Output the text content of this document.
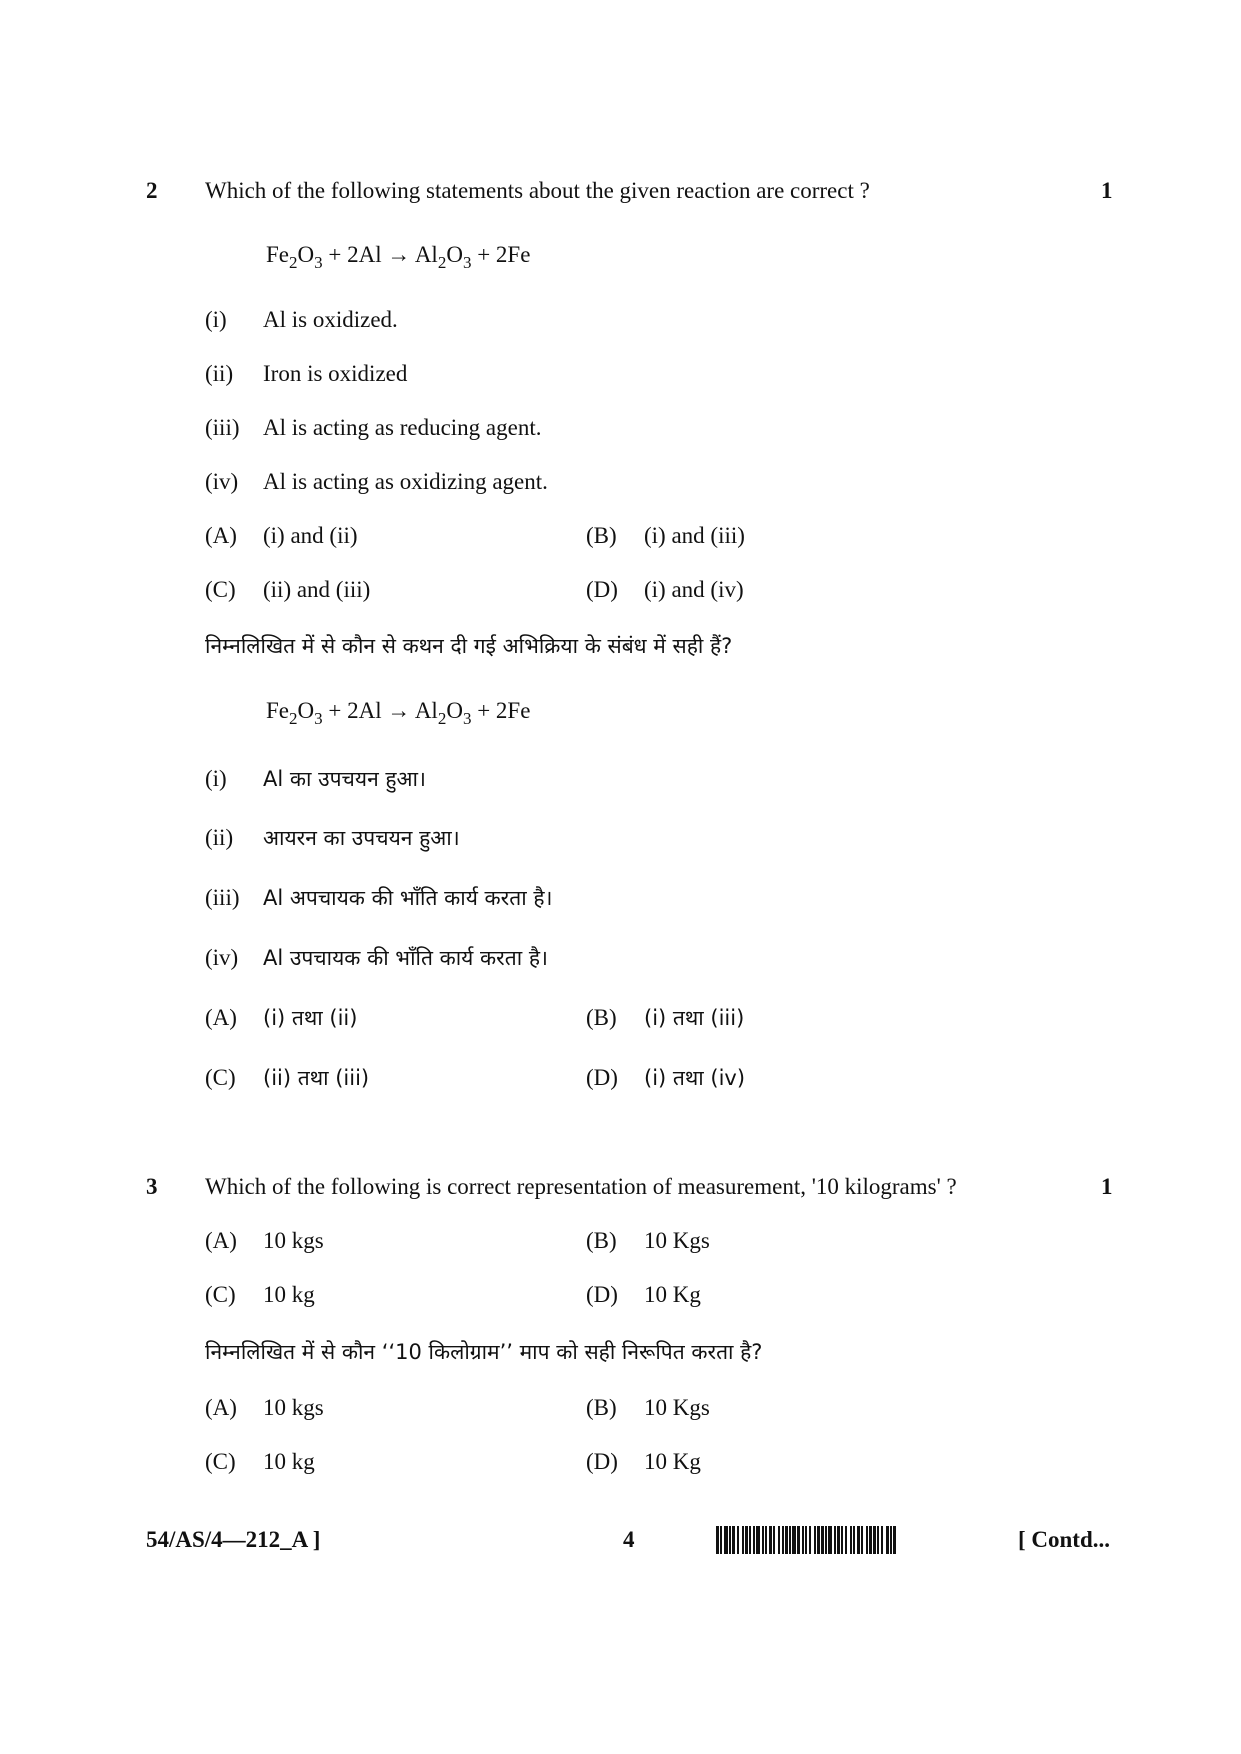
2 Which of the following statements about the given reaction are correct ?	1
$Fe_2O_3 + 2Al \to Al_2O_3 + 2Fe$
(i) Al is oxidized.
(ii) Iron is oxidized
(iii) Al is acting as reducing agent.
(iv) Al is acting as oxidizing agent.
(A) (i) and (ii)	(B) (i) and (iii)
(C) (ii) and (iii)	(D) (i) and (iv)
निम्नलिखित में से कौन से कथन दी गई अभिक्रिया के संबंध में सही हैं?
$Fe_2O_3 + 2Al \to Al_2O_3 + 2Fe$
(i) Al का उपचयन हुआ।
(ii) आयरन का उपचयन हुआ।
(iii) Al अपचायक की भाँति कार्य करता है।
(iv) Al उपचायक की भाँति कार्य करता है।
(A) (i) तथा (ii)	(B) (i) तथा (iii)
(C) (ii) तथा (iii)	(D) (i) तथा (iv)
3 Which of the following is correct representation of measurement, '10 kilograms' ?	1
(A) 10 kgs	(B) 10 Kgs
(C) 10 kg	(D) 10 Kg
निम्नलिखित में से कौन ‘‘10 किलोग्राम’’ माप को सही निरूपित करता है?
(A) 10 kgs	(B) 10 Kgs
(C) 10 kg	(D) 10 Kg
54/AS/4—212_A ]	4	[ Contd...
